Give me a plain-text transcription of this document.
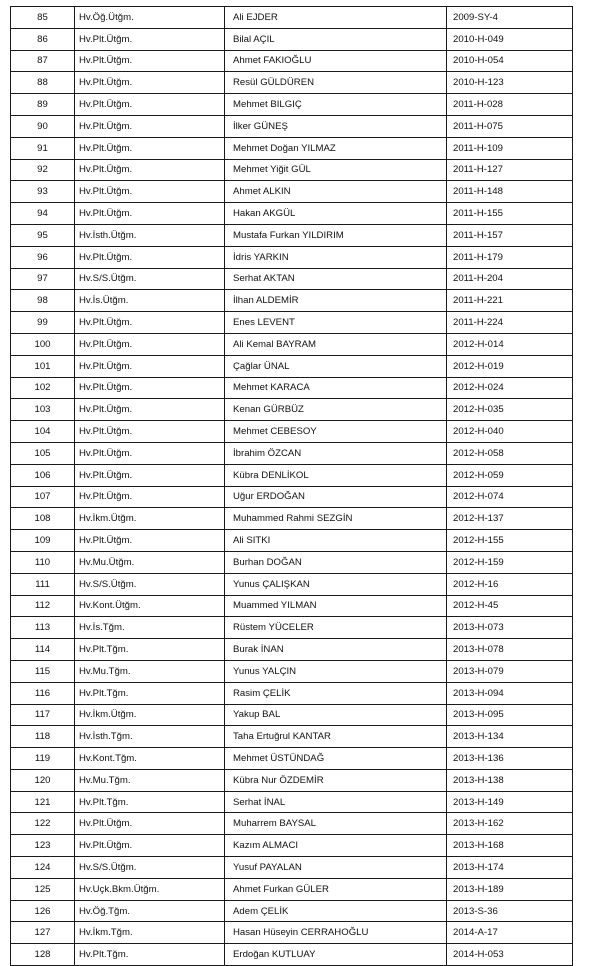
85	Hv.Öğ.Ütğm.	Ali EJDER	2009-SY-4
86	Hv.Plt.Ütğm.	Bilal AÇIL	2010-H-049
87	Hv.Plt.Ütğm.	Ahmet FAKIOĞLU	2010-H-054
88	Hv.Plt.Ütğm.	Resül GÜLDÜREN	2010-H-123
89	Hv.Plt.Ütğm.	Mehmet BILGIÇ	2011-H-028
90	Hv.Plt.Ütğm.	İlker GÜNEŞ	2011-H-075
91	Hv.Plt.Ütğm.	Mehmet Doğan YILMAZ	2011-H-109
92	Hv.Plt.Ütğm.	Mehmet Yiğit GÜL	2011-H-127
93	Hv.Plt.Ütğm.	Ahmet ALKIN	2011-H-148
94	Hv.Plt.Ütğm.	Hakan AKGÜL	2011-H-155
95	Hv.İsth.Ütğm.	Mustafa Furkan YILDIRIM	2011-H-157
96	Hv.Plt.Ütğm.	İdris YARKIN	2011-H-179
97	Hv.S/S.Ütğm.	Serhat AKTAN	2011-H-204
98	Hv.İs.Ütğm.	İlhan ALDEMİR	2011-H-221
99	Hv.Plt.Ütğm.	Enes LEVENT	2011-H-224
100	Hv.Plt.Ütğm.	Ali Kemal BAYRAM	2012-H-014
101	Hv.Plt.Ütğm.	Çağlar ÜNAL	2012-H-019
102	Hv.Plt.Ütğm.	Mehmet KARACA	2012-H-024
103	Hv.Plt.Ütğm.	Kenan GÜRBÜZ	2012-H-035
104	Hv.Plt.Ütğm.	Mehmet CEBESOY	2012-H-040
105	Hv.Plt.Ütğm.	İbrahim ÖZCAN	2012-H-058
106	Hv.Plt.Ütğm.	Kübra DENLİKOL	2012-H-059
107	Hv.Plt.Ütğm.	Uğur ERDOĞAN	2012-H-074
108	Hv.İkm.Ütğm.	Muhammed Rahmi SEZGİN	2012-H-137
109	Hv.Plt.Ütğm.	Ali SITKI	2012-H-155
110	Hv.Mu.Ütğm.	Burhan DOĞAN	2012-H-159
111	Hv.S/S.Ütğm.	Yunus ÇALIŞKAN	2012-H-16
112	Hv.Kont.Ütğm.	Muammed YILMAN	2012-H-45
113	Hv.İs.Tğm.	Rüstem YÜCELER	2013-H-073
114	Hv.Plt.Tğm.	Burak İNAN	2013-H-078
115	Hv.Mu.Tğm.	Yunus YALÇIN	2013-H-079
116	Hv.Plt.Tğm.	Rasim ÇELİK	2013-H-094
117	Hv.İkm.Ütğm.	Yakup BAL	2013-H-095
118	Hv.İsth.Tğm.	Taha Ertuğrul KANTAR	2013-H-134
119	Hv.Kont.Tğm.	Mehmet ÜSTÜNDAĞ	2013-H-136
120	Hv.Mu.Tğm.	Kübra Nur ÖZDEMİR	2013-H-138
121	Hv.Plt.Tğm.	Serhat İNAL	2013-H-149
122	Hv.Plt.Ütğm.	Muharrem BAYSAL	2013-H-162
123	Hv.Plt.Ütğm.	Kazım ALMACI	2013-H-168
124	Hv.S/S.Ütğm.	Yusuf PAYALAN	2013-H-174
125	Hv.Uçk.Bkm.Ütğm.	Ahmet Furkan GÜLER	2013-H-189
126	Hv.Öğ.Tğm.	Adem ÇELİK	2013-S-36
127	Hv.İkm.Tğm.	Hasan Hüseyin CERRAHOĞLU	2014-A-17
128	Hv.Plt.Tğm.	Erdoğan KUTLUAY	2014-H-053
